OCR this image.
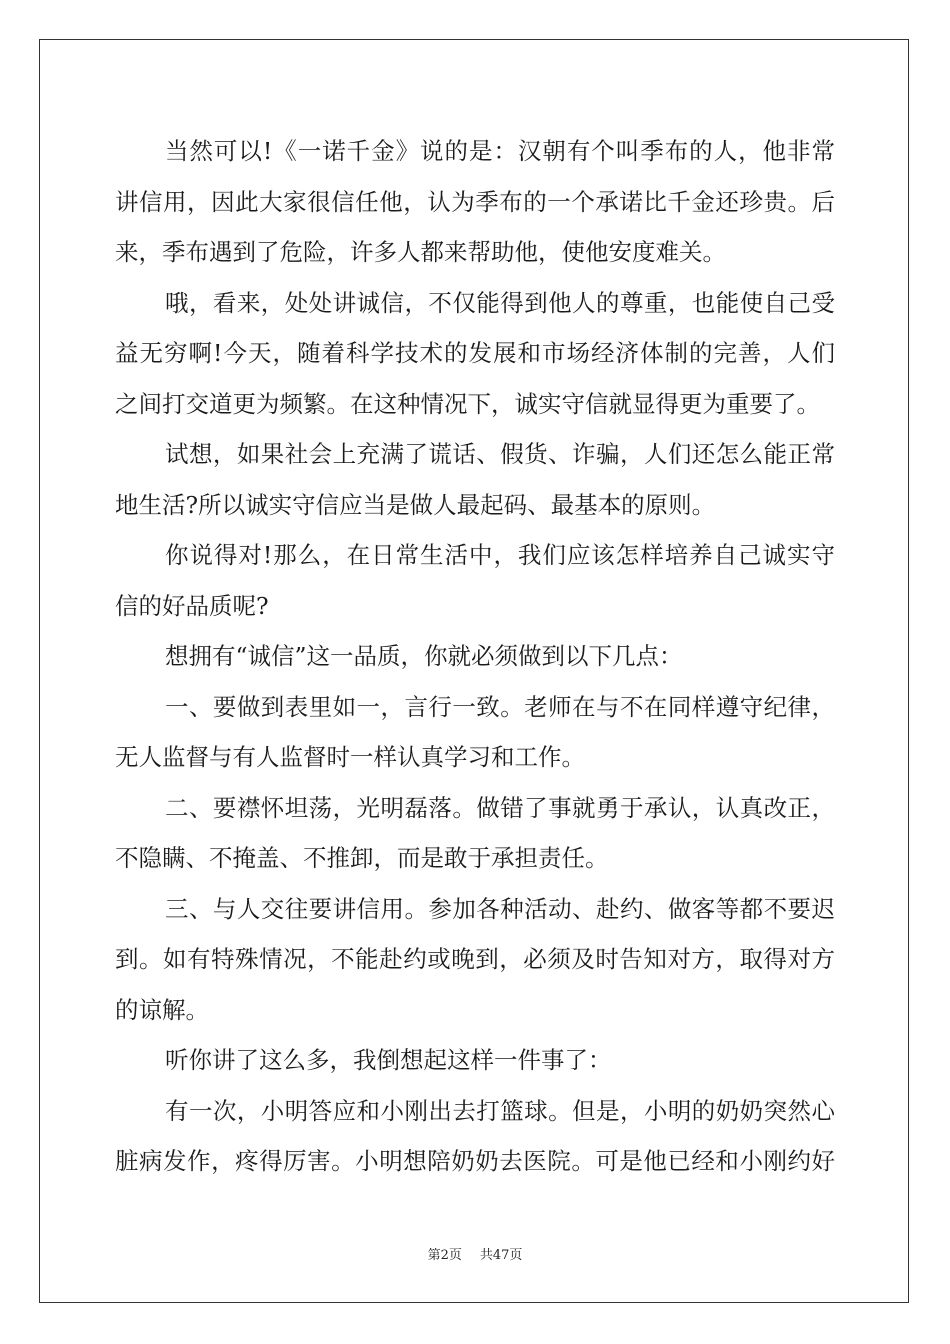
当然可以!《一诺千金》说的是：汉朝有个叫季布的人，他非常
讲信用，因此大家很信任他，认为季布的一个承诺比千金还珍贵。后
来，季布遇到了危险，许多人都来帮助他，使他安度难关。
哦，看来，处处讲诚信，不仅能得到他人的尊重，也能使自己受
益无穷啊!今天，随着科学技术的发展和市场经济体制的完善，人们
之间打交道更为频繁。在这种情况下，诚实守信就显得更为重要了。
试想，如果社会上充满了谎话、假货、诈骗，人们还怎么能正常
地生活?所以诚实守信应当是做人最起码、最基本的原则。
你说得对!那么，在日常生活中，我们应该怎样培养自己诚实守
信的好品质呢?
想拥有“诚信”这一品质，你就必须做到以下几点：
一、要做到表里如一，言行一致。老师在与不在同样遵守纪律，
无人监督与有人监督时一样认真学习和工作。
二、要襟怀坦荡，光明磊落。做错了事就勇于承认，认真改正，
不隐瞒、不掩盖、不推卸，而是敢于承担责任。
三、与人交往要讲信用。参加各种活动、赴约、做客等都不要迟
到。如有特殊情况，不能赴约或晚到，必须及时告知对方，取得对方
的谅解。
听你讲了这么多，我倒想起这样一件事了：
有一次，小明答应和小刚出去打篮球。但是，小明的奶奶突然心
脏病发作，疼得厉害。小明想陪奶奶去医院。可是他已经和小刚约好
第2页 共47页
